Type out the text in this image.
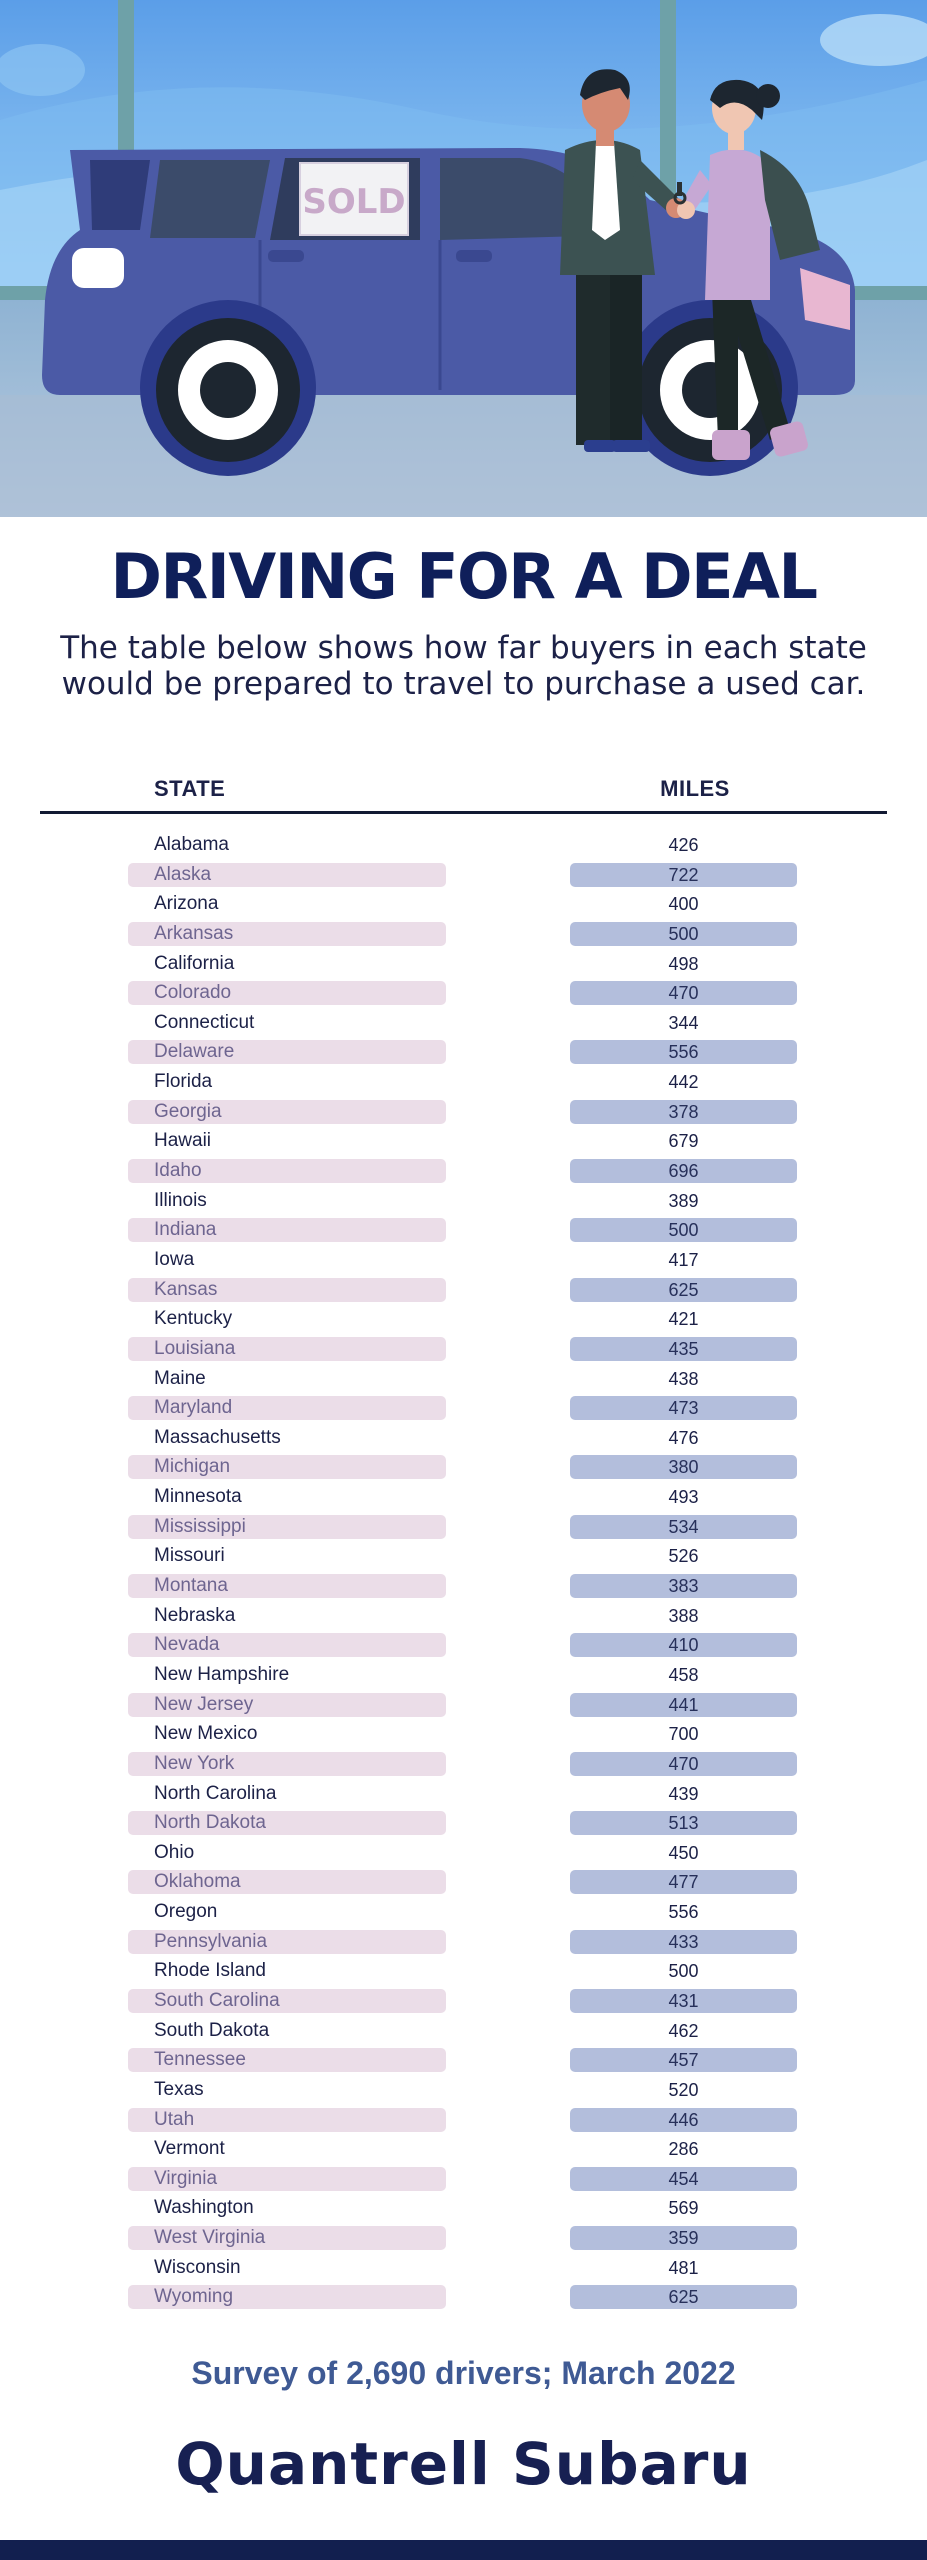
SOLD
DRIVING FOR A DEAL
The table below shows how far buyers in each state would be prepared to travel to purchase a used car.
STATE	MILES
Alabama	426
Alaska	722
Arizona	400
Arkansas	500
California	498
Colorado	470
Connecticut	344
Delaware	556
Florida	442
Georgia	378
Hawaii	679
Idaho	696
Illinois	389
Indiana	500
Iowa	417
Kansas	625
Kentucky	421
Louisiana	435
Maine	438
Maryland	473
Massachusetts	476
Michigan	380
Minnesota	493
Mississippi	534
Missouri	526
Montana	383
Nebraska	388
Nevada	410
New Hampshire	458
New Jersey	441
New Mexico	700
New York	470
North Carolina	439
North Dakota	513
Ohio	450
Oklahoma	477
Oregon	556
Pennsylvania	433
Rhode Island	500
South Carolina	431
South Dakota	462
Tennessee	457
Texas	520
Utah	446
Vermont	286
Virginia	454
Washington	569
West Virginia	359
Wisconsin	481
Wyoming	625
Survey of 2,690 drivers; March 2022
Quantrell Subaru
